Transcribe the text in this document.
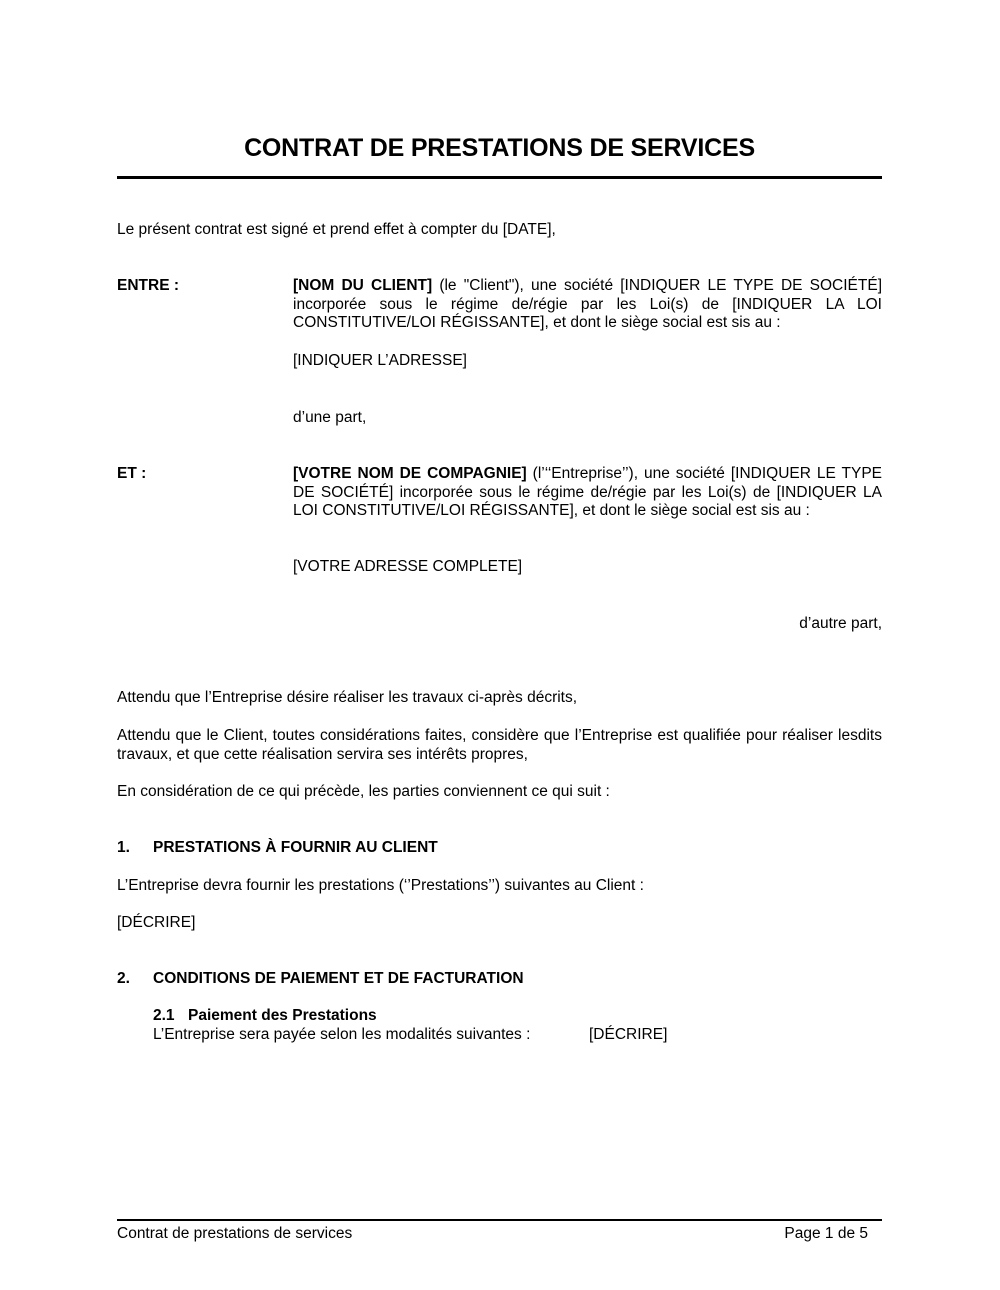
CONTRAT DE PRESTATIONS DE SERVICES
Le présent contrat est signé et prend effet à compter du [DATE],
ENTRE :	[NOM DU CLIENT] (le "Client"), une société [INDIQUER LE TYPE DE SOCIÉTÉ] incorporée sous le régime de/régie par les Loi(s) de [INDIQUER LA LOI CONSTITUTIVE/LOI RÉGISSANTE], et dont le siège social est sis au :
[INDIQUER L’ADRESSE]
d’une part,
ET :	[VOTRE NOM DE COMPAGNIE] (l’‘‘Entreprise’’), une société [INDIQUER LE TYPE DE SOCIÉTÉ] incorporée sous le régime de/régie par les Loi(s) de [INDIQUER LA LOI CONSTITUTIVE/LOI RÉGISSANTE], et dont le siège social est sis au :
[VOTRE ADRESSE COMPLETE]
d’autre part,
Attendu que l’Entreprise désire réaliser les travaux ci-après décrits,
Attendu que le Client, toutes considérations faites, considère que l’Entreprise est qualifiée pour réaliser lesdits travaux, et que cette réalisation servira ses intérêts propres,
En considération de ce qui précède, les parties conviennent ce qui suit :
1. PRESTATIONS À FOURNIR AU CLIENT
L’Entreprise devra fournir les prestations (‘’Prestations’’) suivantes au Client :
[DÉCRIRE]
2. CONDITIONS DE PAIEMENT ET DE FACTURATION
2.1 Paiement des Prestations
L’Entreprise sera payée selon les modalités suivantes :	[DÉCRIRE]
Contrat de prestations de services	Page 1 de 5
